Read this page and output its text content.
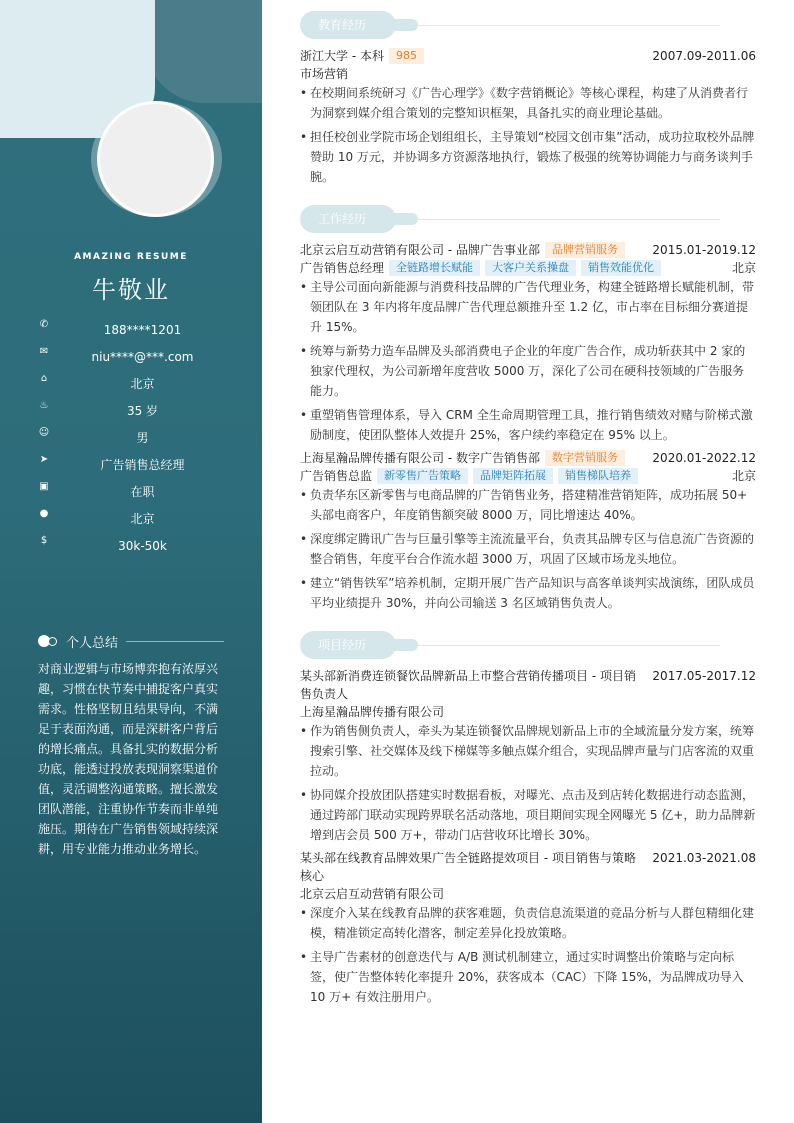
AMAZING RESUME
牛敬业
✆	188****1201
✉	niu****@***.com
⌂	北京
♨	35 岁
☺	男
➤	广告销售总经理
▣	在职
●	北京
$	30k-50k
个人总结
对商业逻辑与市场博弈抱有浓厚兴趣，习惯在快节奏中捕捉客户真实需求。性格坚韧且结果导向，不满足于表面沟通，而是深耕客户背后的增长痛点。具备扎实的数据分析功底，能透过投放表现洞察渠道价值，灵活调整沟通策略。擅长激发团队潜能，注重协作节奏而非单纯施压。期待在广告销售领域持续深耕，用专业能力推动业务增长。
教育经历
浙江大学 - 本科	985	2007.09-2011.06
市场营销
• 在校期间系统研习《广告心理学》《数字营销概论》等核心课程，构建了从消费者行为洞察到媒介组合策划的完整知识框架，具备扎实的商业理论基础。
• 担任校创业学院市场企划组组长，主导策划“校园文创市集”活动，成功拉取校外品牌赞助 10 万元，并协调多方资源落地执行，锻炼了极强的统筹协调能力与商务谈判手腕。
工作经历
北京云启互动营销有限公司 - 品牌广告事业部	品牌营销服务	2015.01-2019.12
广告销售总经理	全链路增长赋能	大客户关系操盘	销售效能优化	北京
• 主导公司面向新能源与消费科技品牌的广告代理业务，构建全链路增长赋能机制，带领团队在 3 年内将年度品牌广告代理总额推升至 1.2 亿，市占率在目标细分赛道提升 15%。
• 统筹与新势力造车品牌及头部消费电子企业的年度广告合作，成功斩获其中 2 家的独家代理权，为公司新增年度营收 5000 万，深化了公司在硬科技领域的广告服务能力。
• 重塑销售管理体系，导入 CRM 全生命周期管理工具，推行销售绩效对赌与阶梯式激励制度，使团队整体人效提升 25%，客户续约率稳定在 95% 以上。
上海星瀚品牌传播有限公司 - 数字广告销售部	数字营销服务	2020.01-2022.12
广告销售总监	新零售广告策略	品牌矩阵拓展	销售梯队培养	北京
• 负责华东区新零售与电商品牌的广告销售业务，搭建精准营销矩阵，成功拓展 50+ 头部电商客户，年度销售额突破 8000 万，同比增速达 40%。
• 深度绑定腾讯广告与巨量引擎等主流流量平台，负责其品牌专区与信息流广告资源的整合销售，年度平台合作流水超 3000 万，巩固了区域市场龙头地位。
• 建立“销售铁军”培养机制，定期开展广告产品知识与高客单谈判实战演练，团队成员平均业绩提升 30%，并向公司输送 3 名区域销售负责人。
项目经历
某头部新消费连锁餐饮品牌新品上市整合营销传播项目 - 项目销
售负责人
2017.05-2017.12
上海星瀚品牌传播有限公司
• 作为销售侧负责人，牵头为某连锁餐饮品牌规划新品上市的全域流量分发方案，统筹搜索引擎、社交媒体及线下梯媒等多触点媒介组合，实现品牌声量与门店客流的双重拉动。
• 协同媒介投放团队搭建实时数据看板，对曝光、点击及到店转化数据进行动态监测，通过跨部门联动实现跨界联名活动落地，项目期间实现全网曝光 5 亿+，助力品牌新增到店会员 500 万+，带动门店营收环比增长 30%。
某头部在线教育品牌效果广告全链路提效项目 - 项目销售与策略
核心
2021.03-2021.08
北京云启互动营销有限公司
• 深度介入某在线教育品牌的获客难题，负责信息流渠道的竞品分析与人群包精细化建模，精准锁定高转化潜客，制定差异化投放策略。
• 主导广告素材的创意迭代与 A/B 测试机制建立，通过实时调整出价策略与定向标签，使广告整体转化率提升 20%，获客成本（CAC）下降 15%，为品牌成功导入 10 万+ 有效注册用户。
